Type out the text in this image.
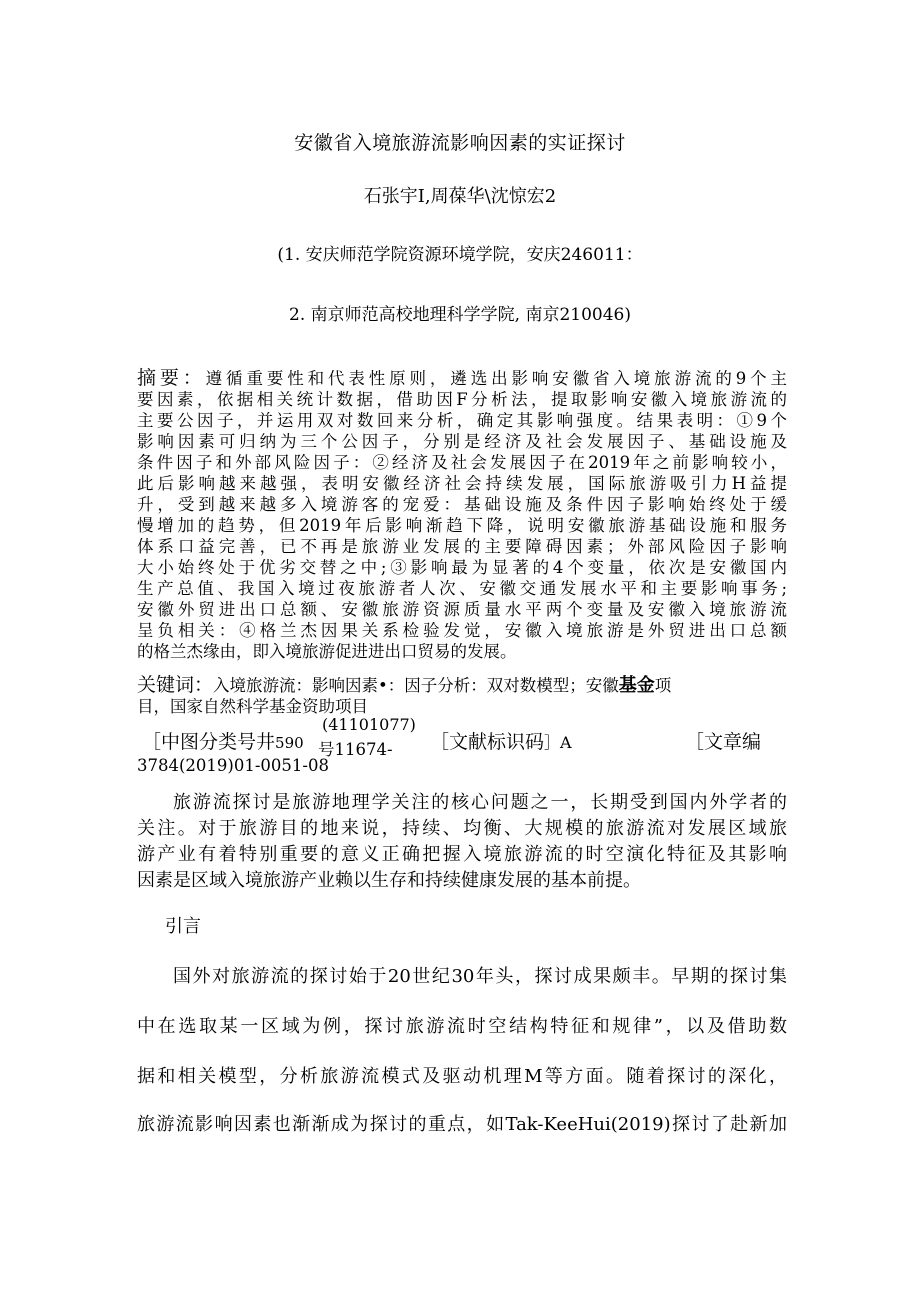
安徽省入境旅游流影响因素的实证探讨
石张宇I,周葆华\沈惊宏2
(1. 安庆师范学院资源环境学院，安庆246011：
2. 南京师范高校地理科学学院, 南京210046)
摘要：遵循重要性和代表性原则，遴选出影响安徽省入境旅游流的9个主
要因素，依据相关统计数据，借助因F分析法，提取影响安徽入境旅游流的
主要公因子，并运用双对数回来分析，确定其影响强度。结果表明：①9个
影响因素可归纳为三个公因子，分别是经济及社会发展因子、基础设施及
条件因子和外部风险因子：②经济及社会发展因子在2019年之前影响较小，
此后影响越来越强，表明安徽经济社会持续发展，国际旅游吸引力H益提
升，受到越来越多入境游客的宠爱：基础设施及条件因子影响始终处于缓
慢增加的趋势，但2019年后影响渐趋下降，说明安徽旅游基础设施和服务
体系口益完善，已不再是旅游业发展的主要障碍因素；外部风险因子影响
大小始终处于优劣交替之中;③影响最为显著的4个变量，依次是安徽国内
生产总值、我国入境过夜旅游者人次、安徽交通发展水平和主要影响事务;
安徽外贸进出口总额、安徽旅游资源质量水平两个变量及安徽入境旅游流
呈负相关：④格兰杰因果关系检验发觉，安徽入境旅游是外贸进出口总额
的格兰杰缘由，即入境旅游促进进出口贸易的发展。
关键词：入境旅游流：影响因素•：因子分析：双对数模型；安徽基金项
目，国家自然科学基金资助项目
［中图分类号井590
(41101077)
号11674- ［文献标识码］A	［文章编
3784(2019)01-0051-08
旅游流探讨是旅游地理学关注的核心问题之一，长期受到国内外学者的
关注。对于旅游目的地来说，持续、均衡、大规模的旅游流对发展区域旅
游产业有着特别重要的意义正确把握入境旅游流的时空演化特征及其影响
因素是区域入境旅游产业赖以生存和持续健康发展的基本前提。
引言
国外对旅游流的探讨始于20世纪30年头，探讨成果颇丰。早期的探讨集
中在选取某一区域为例，探讨旅游流时空结构特征和规律”，以及借助数
据和相关模型，分析旅游流模式及驱动机理M等方面。随着探讨的深化，
旅游流影响因素也渐渐成为探讨的重点，如Tak-KeeHui(2019)探讨了赴新加
